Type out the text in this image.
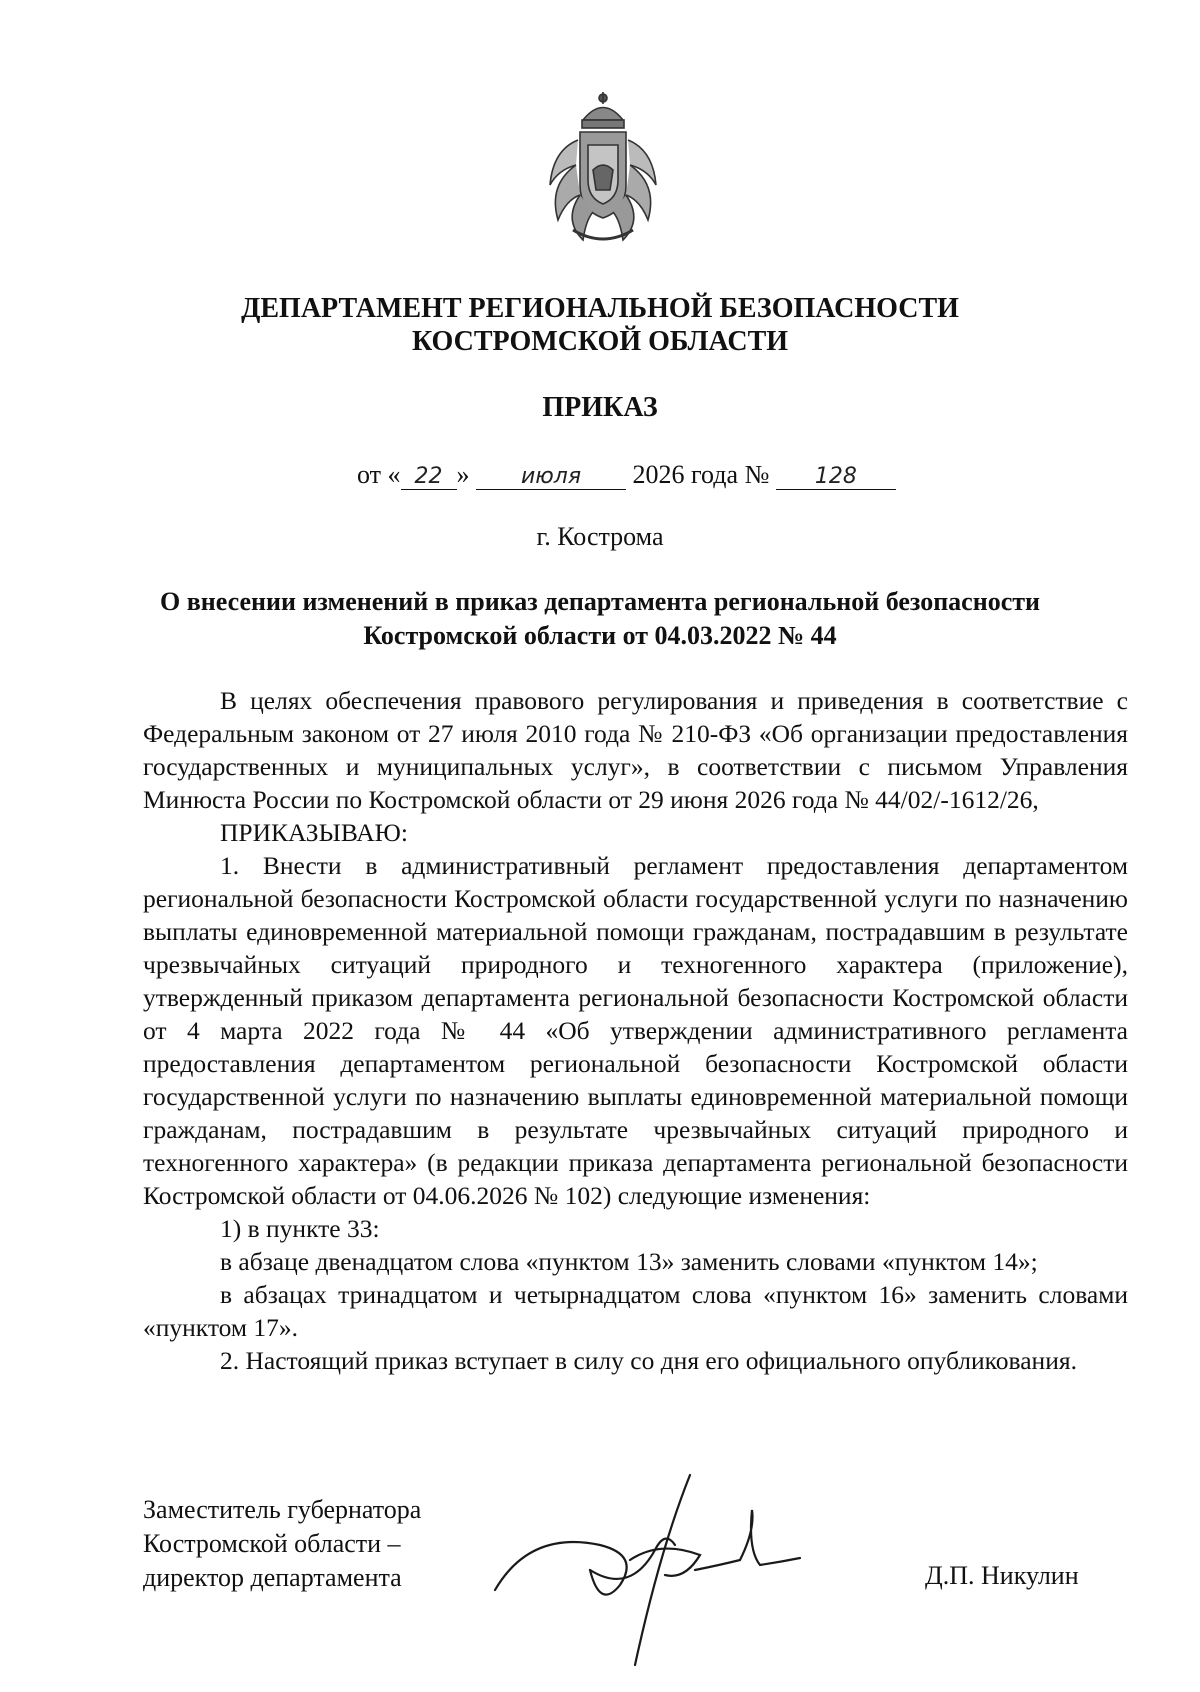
ДЕПАРТАМЕНТ РЕГИОНАЛЬНОЙ БЕЗОПАСНОСТИ
КОСТРОМСКОЙ ОБЛАСТИ
ПРИКАЗ
от « 22 » июля 2026 года № 128
г. Кострома
О внесении изменений в приказ департамента региональной безопасности
Костромской области от 04.03.2022 № 44

В целях обеспечения правового регулирования и приведения в соответствие с Федеральным законом от 27 июля 2010 года № 210-ФЗ «Об организации предоставления государственных и муниципальных услуг», в соответствии с письмом Управления Минюста России по Костромской области от 29 июня 2026 года № 44/02/-1612/26,

ПРИКАЗЫВАЮ:

1. Внести в административный регламент предоставления департаментом региональной безопасности Костромской области государственной услуги по назначению выплаты единовременной материальной помощи гражданам, пострадавшим в результате чрезвычайных ситуаций природного и техногенного характера (приложение), утвержденный приказом департамента региональной безопасности Костромской области от 4 марта 2022 года № 44 «Об утверждении административного регламента предоставления департаментом региональной безопасности Костромской области государственной услуги по назначению выплаты единовременной материальной помощи гражданам, пострадавшим в результате чрезвычайных ситуаций природного и техногенного характера» (в редакции приказа департамента региональной безопасности Костромской области от 04.06.2026 № 102) следующие изменения:

1) в пункте 33:

в абзаце двенадцатом слова «пунктом 13» заменить словами «пунктом 14»;

в абзацах тринадцатом и четырнадцатом слова «пунктом 16» заменить словами «пунктом 17».

2. Настоящий приказ вступает в силу со дня его официального опубликования.

Заместитель губернатора
Костромской области –
директор департамента	Д.П. Никулин
